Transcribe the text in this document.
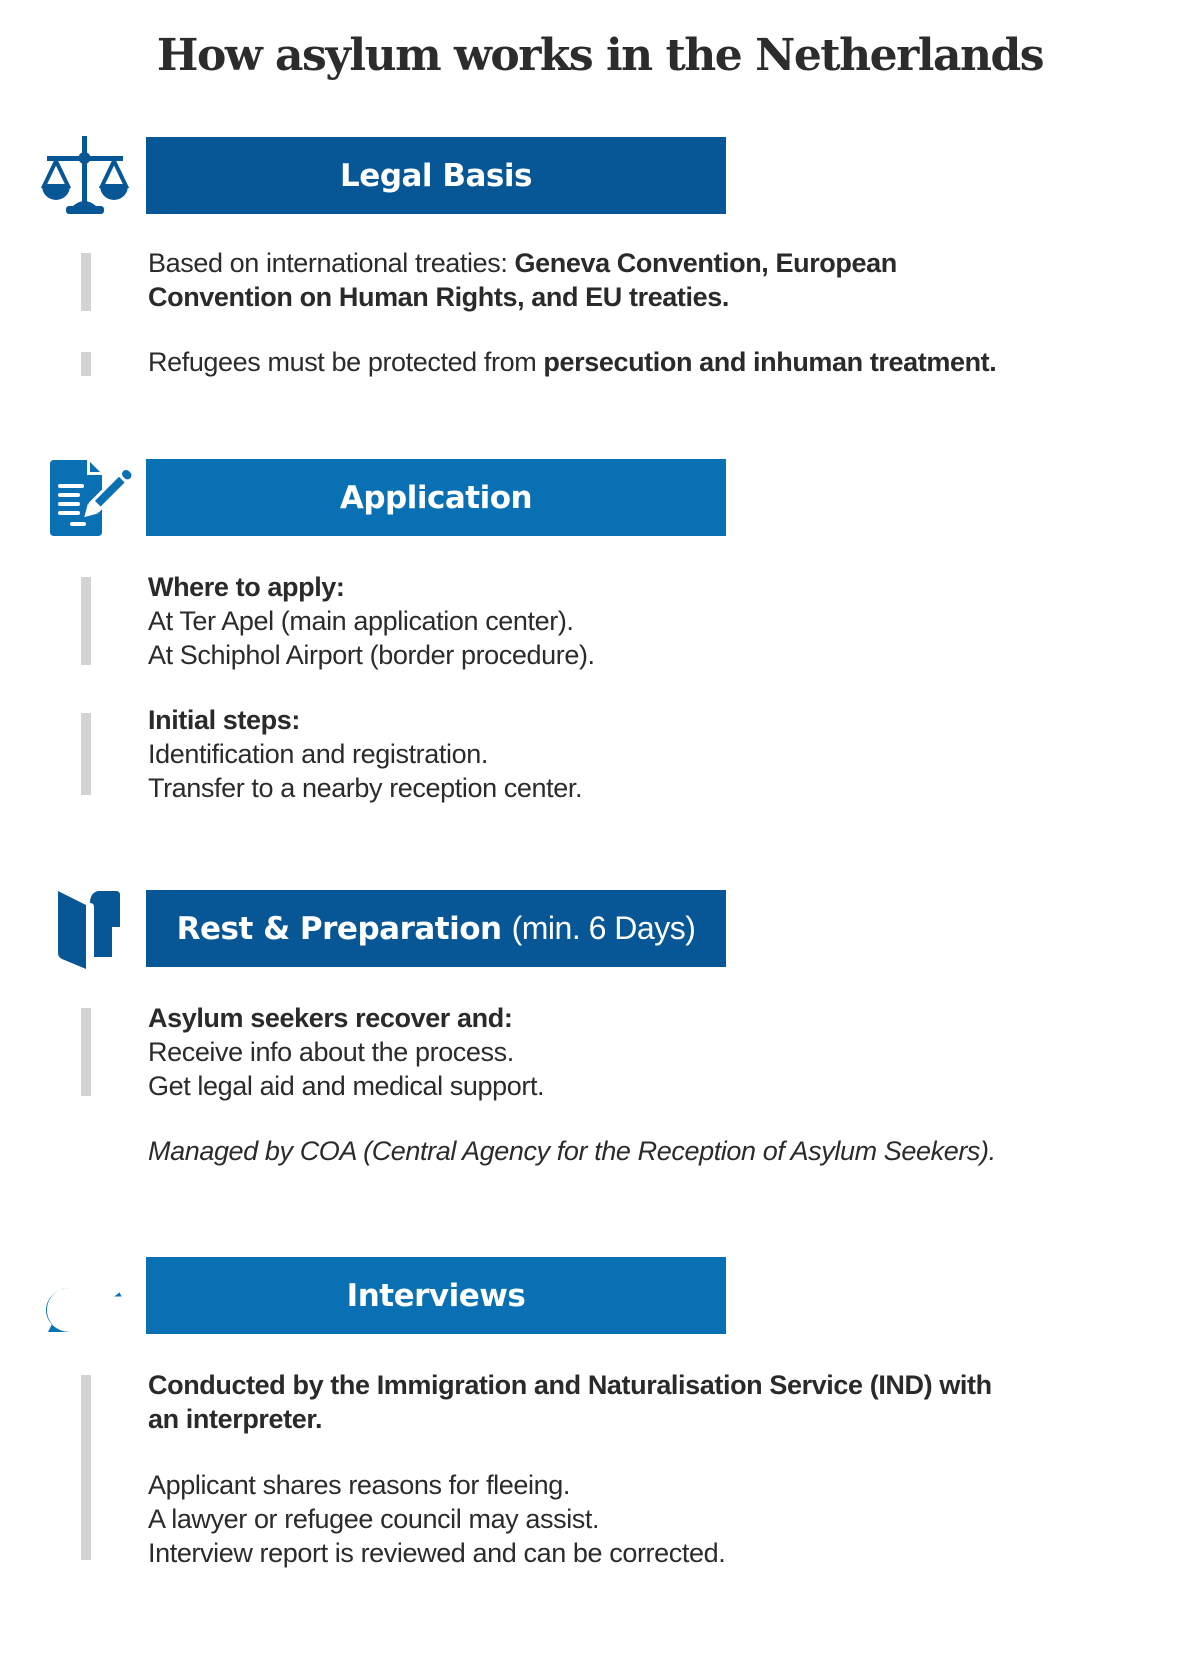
How asylum works in the Netherlands
Legal Basis
Based on international treaties: Geneva Convention, European Convention on Human Rights, and EU treaties.
Refugees must be protected from persecution and inhuman treatment.
Application
Where to apply:
At Ter Apel (main application center).
At Schiphol Airport (border procedure).
Initial steps:
Identification and registration.
Transfer to a nearby reception center.
Rest & Preparation (min. 6 Days)
Asylum seekers recover and:
Receive info about the process.
Get legal aid and medical support.
Managed by COA (Central Agency for the Reception of Asylum Seekers).
?	Interviews
Conducted by the Immigration and Naturalisation Service (IND) with an interpreter.
Applicant shares reasons for fleeing.
A lawyer or refugee council may assist.
Interview report is reviewed and can be corrected.
